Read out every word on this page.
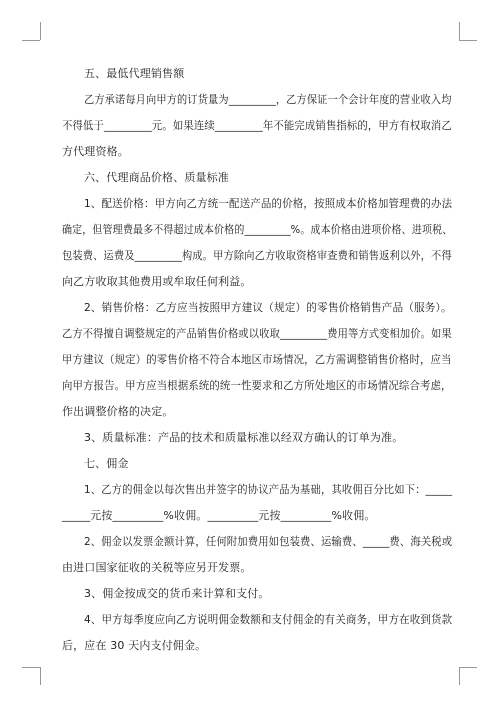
五、最低代理销售额
乙方承诺每月向甲方的订货量为_________，乙方保证一个会计年度的营业收入均
不得低于_________元。如果连续_________年不能完成销售指标的，甲方有权取消乙
方代理资格。
六、代理商品价格、质量标准
1、配送价格：甲方向乙方统一配送产品的价格，按照成本价格加管理费的办法
确定，但管理费最多不得超过成本价格的_________%。成本价格由进项价格、进项税、
包装费、运费及_________构成。甲方除向乙方收取资格审查费和销售返利以外，不得
向乙方收取其他费用或牟取任何利益。
2、销售价格：乙方应当按照甲方建议（规定）的零售价格销售产品（服务）。
乙方不得擅自调整规定的产品销售价格或以收取_________费用等方式变相加价。如果
甲方建议（规定）的零售价格不符合本地区市场情况，乙方需调整销售价格时，应当
向甲方报告。甲方应当根据系统的统一性要求和乙方所处地区的市场情况综合考虑，
作出调整价格的决定。
3、质量标准：产品的技术和质量标准以经双方确认的订单为准。
七、佣金
1、乙方的佣金以每次售出并签字的协议产品为基础，其收佣百分比如下：_____
_____元按_________%收佣。_________元按_________%收佣。
2、佣金以发票金额计算，任何附加费用如包装费、运输费、_____费、海关税或
由进口国家征收的关税等应另开发票。
3、佣金按成交的货币来计算和支付。
4、甲方每季度应向乙方说明佣金数额和支付佣金的有关商务，甲方在收到货款
后，应在 30 天内支付佣金。
